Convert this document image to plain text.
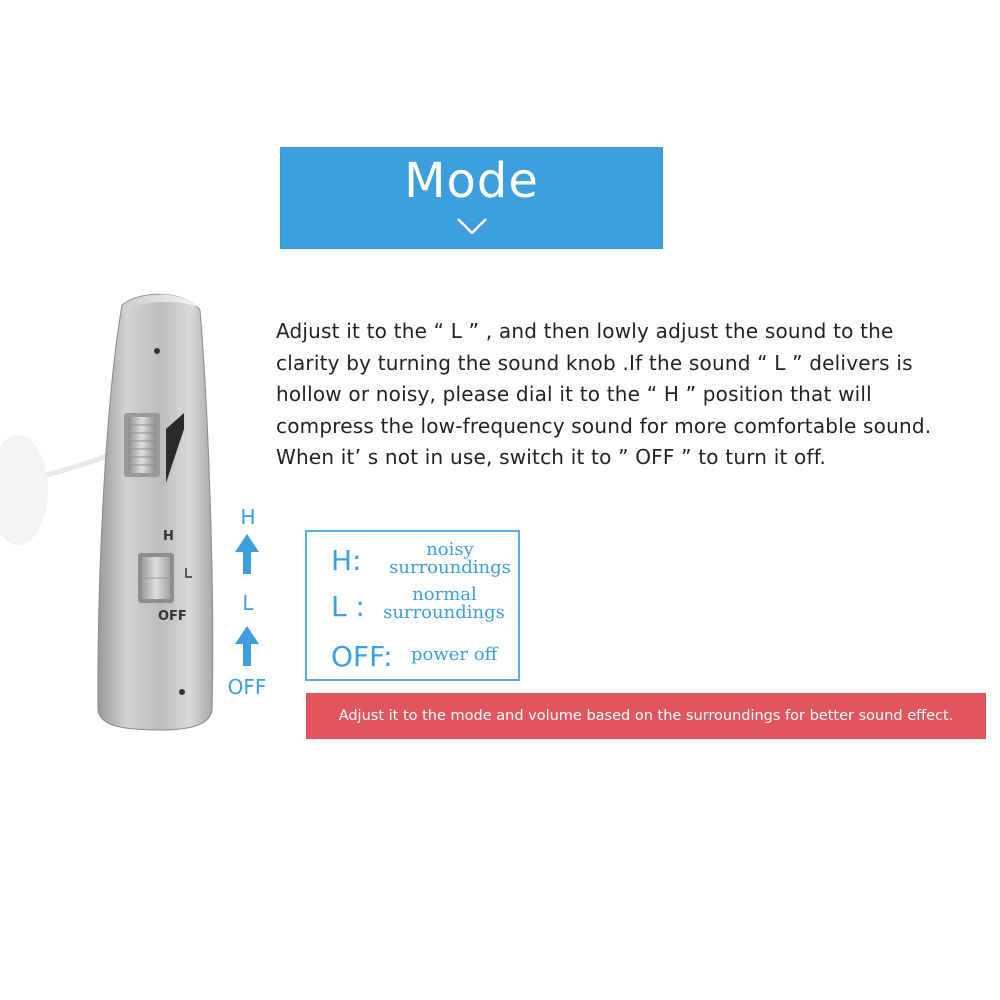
Mode

Adjust it to the “ L ” , and then lowly adjust the sound to the

clarity by turning the sound knob .If the sound “ L ” delivers is

hollow or noisy, please dial it to the “ H ” position that will

compress the low-frequency sound for more comfortable sound.

When it’ s not in use, switch it to ” OFF ” to turn it off.

H
OFF
H
L
OFF
H:	noisy
surroundings
L :	normal
surroundings
OFF: power off
Adjust it to the mode and volume based on the surroundings for better sound effect.
